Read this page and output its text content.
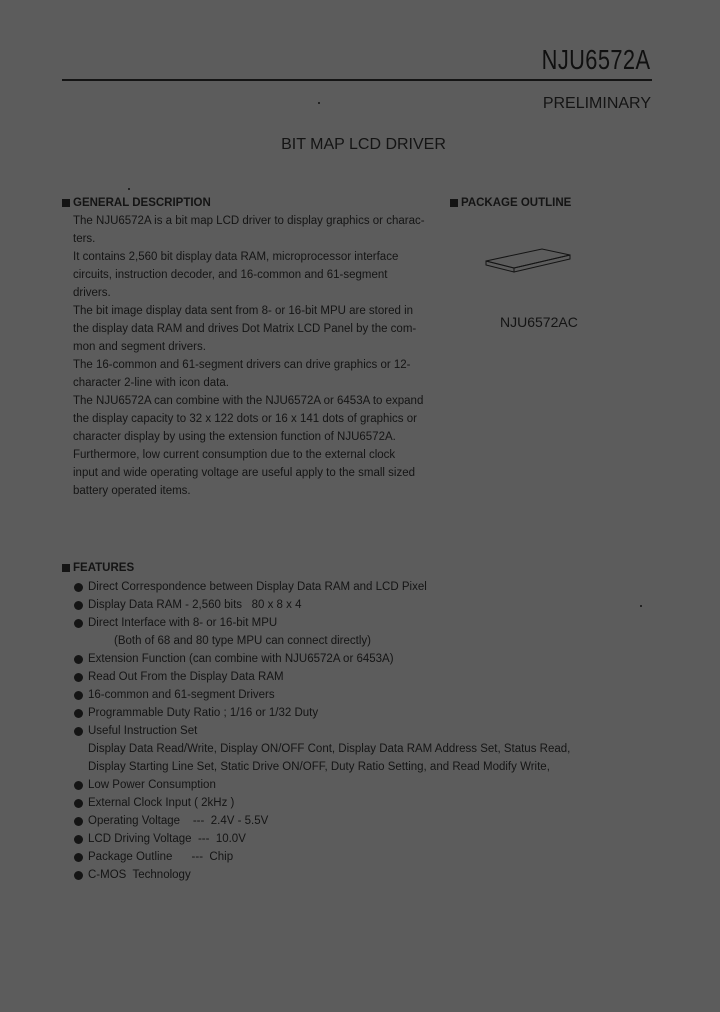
NJU6572A
PRELIMINARY
BIT MAP LCD DRIVER
GENERAL DESCRIPTION
The NJU6572A is a bit map LCD driver to display graphics or charac-
ters.
It contains 2,560 bit display data RAM, microprocessor interface
circuits, instruction decoder, and 16-common and 61-segment
drivers.
The bit image display data sent from 8- or 16-bit MPU are stored in
the display data RAM and drives Dot Matrix LCD Panel by the com-
mon and segment drivers.
The 16-common and 61-segment drivers can drive graphics or 12-
character 2-line with icon data.
The NJU6572A can combine with the NJU6572A or 6453A to expand
the display capacity to 32 x 122 dots or 16 x 141 dots of graphics or
character display by using the extension function of NJU6572A.
Furthermore, low current consumption due to the external clock
input and wide operating voltage are useful apply to the small sized
battery operated items.
PACKAGE OUTLINE
NJU6572AC
FEATURES
Direct Correspondence between Display Data RAM and LCD Pixel
Display Data RAM - 2,560 bits   80 x 8 x 4
Direct Interface with 8- or 16-bit MPU
(Both of 68 and 80 type MPU can connect directly)
Extension Function (can combine with NJU6572A or 6453A)
Read Out From the Display Data RAM
16-common and 61-segment Drivers
Programmable Duty Ratio ; 1/16 or 1/32 Duty
Useful Instruction Set
Display Data Read/Write, Display ON/OFF Cont, Display Data RAM Address Set, Status Read,
Display Starting Line Set, Static Drive ON/OFF, Duty Ratio Setting, and Read Modify Write,
Low Power Consumption
External Clock Input ( 2kHz )
Operating Voltage    ---  2.4V - 5.5V
LCD Driving Voltage  ---  10.0V
Package Outline      ---  Chip
C-MOS  Technology
